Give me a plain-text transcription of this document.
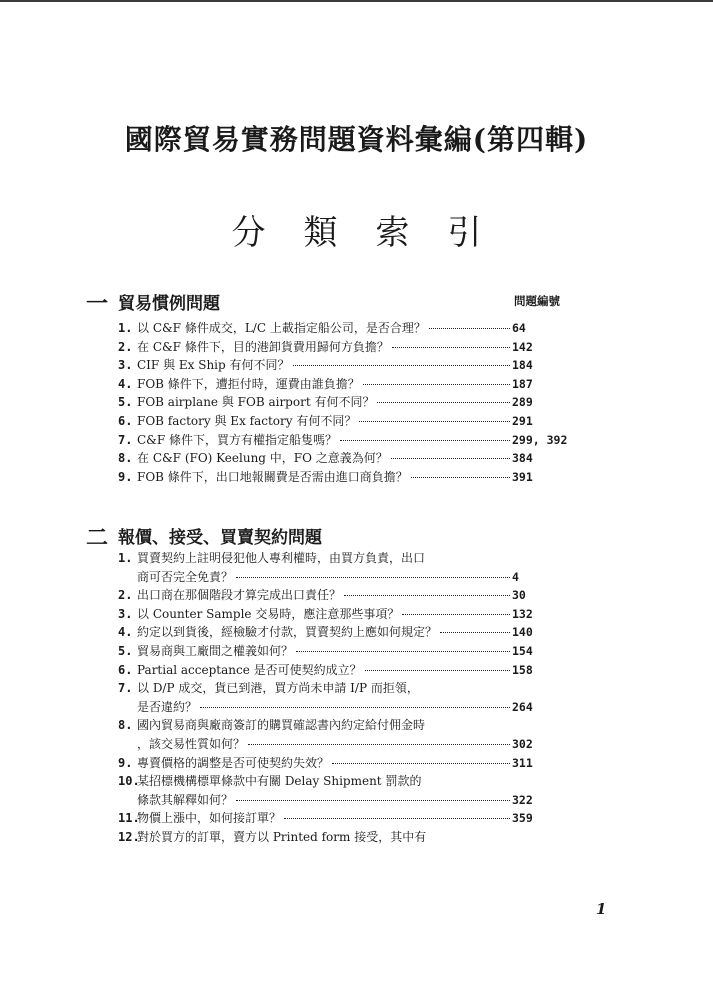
國際貿易實務問題資料彙編(第四輯)
分類索引
一 貿易慣例問題	問題編號
1. 以 C&F 條件成交，L/C 上載指定船公司，是否合理？	64
2. 在 C&F 條件下，目的港卸貨費用歸何方負擔？	142
3. CIF 與 Ex Ship 有何不同？	184
4. FOB 條件下，遭拒付時，運費由誰負擔？	187
5. FOB airplane 與 FOB airport 有何不同？	289
6. FOB factory 與 Ex factory 有何不同？	291
7. C&F 條件下，買方有權指定船隻嗎？	299, 392
8. 在 C&F (FO) Keelung 中，FO 之意義為何？	384
9. FOB 條件下，出口地報關費是否需由進口商負擔？	391
二 報價、接受、買賣契約問題
1. 買賣契約上註明侵犯他人專利權時，由買方負責，出口
商可否完全免責？	4
2. 出口商在那個階段才算完成出口責任？	30
3. 以 Counter Sample 交易時，應注意那些事項？	132
4. 約定以到貨後，經檢驗才付款，買賣契約上應如何規定？	140
5. 貿易商與工廠間之權義如何？	154
6. Partial acceptance 是否可使契約成立？	158
7. 以 D/P 成交，貨已到港，買方尚未申請 I/P 而拒領，
是否違約？	264
8. 國內貿易商與廠商簽訂的購買確認書內約定給付佣金時
，該交易性質如何？	302
9. 專賣價格的調整是否可使契約失效？	311
10.
某招標機構標單條款中有關 Delay Shipment 罰款的
條款其解釋如何？	322
11.
物價上漲中，如何接訂單？	359
12.
對於買方的訂單，賣方以 Printed form 接受，其中有
1
